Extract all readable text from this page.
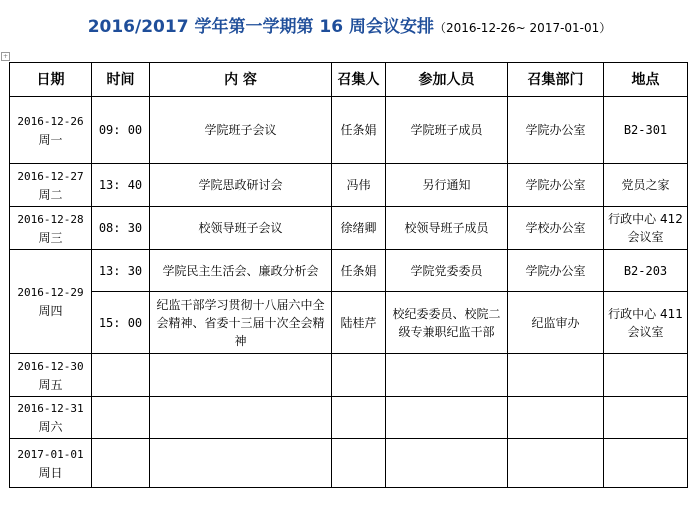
2016/2017 学年第一学期第 16 周会议安排（2016-12-26~ 2017-01-01）
+
日期	时间	内 容	召集人	参加人员	召集部门	地点
2016-12-26
周一	09: 00	学院班子会议	任条娟	学院班子成员	学院办公室	B2-301
2016-12-27
周二	13: 40	学院思政研讨会	冯伟	另行通知	学院办公室	党员之家
2016-12-28
周三	08: 30	校领导班子会议	徐绪卿	校领导班子成员	学校办公室	行政中心 412 会议室
2016-12-29
周四	13: 30	学院民主生活会、廉政分析会	任条娟	学院党委委员	学院办公室	B2-203
	15: 00	纪监干部学习贯彻十八届六中全会精神、省委十三届十次全会精神	陆桂芹	校纪委委员、校院二级专兼职纪监干部	纪监审办	行政中心 411 会议室
2016-12-30
周五						
2016-12-31
周六						
2017-01-01
周日						
